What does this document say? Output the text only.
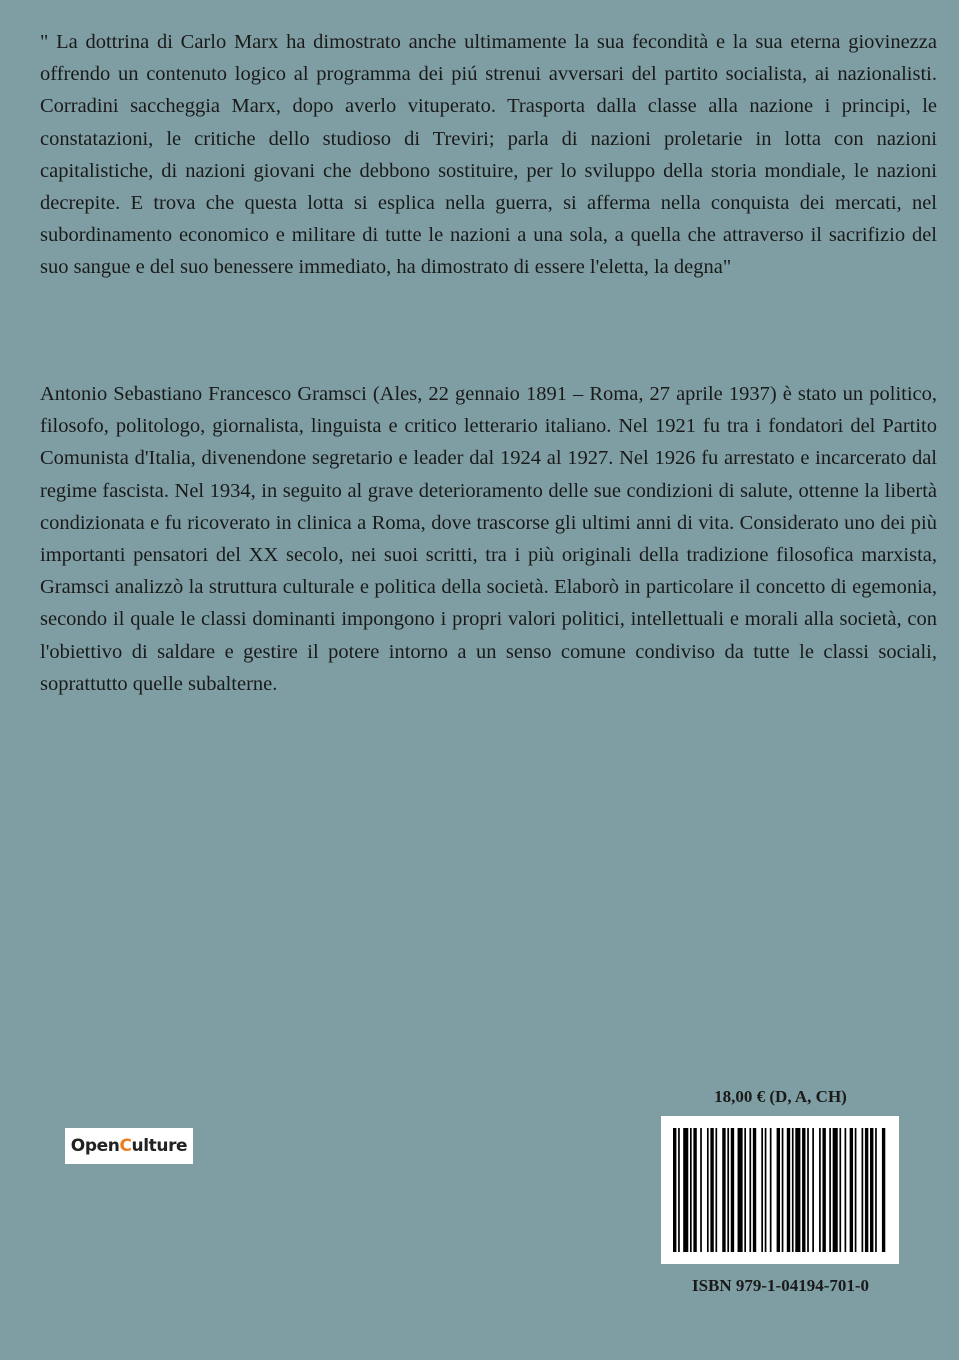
" La dottrina di Carlo Marx ha dimostrato anche ultimamente la sua fecondità e la sua eterna giovinezza offrendo un contenuto logico al programma dei piú strenui avversari del partito socialista, ai nazionalisti. Corradini saccheggia Marx, dopo averlo vituperato. Trasporta dalla classe alla nazione i principi, le constatazioni, le critiche dello studioso di Treviri; parla di nazioni proletarie in lotta con nazioni capitalistiche, di nazioni giovani che debbono sostituire, per lo sviluppo della storia mondiale, le nazioni decrepite. E trova che questa lotta si esplica nella guerra, si afferma nella conquista dei mercati, nel subordinamento economico e militare di tutte le nazioni a una sola, a quella che attraverso il sacrifizio del suo sangue e del suo benessere immediato, ha dimostrato di essere l'eletta, la degna"

Antonio Sebastiano Francesco Gramsci (Ales, 22 gennaio 1891 – Roma, 27 aprile 1937) è stato un politico, filosofo, politologo, giornalista, linguista e critico letterario italiano. Nel 1921 fu tra i fondatori del Partito Comunista d'Italia, divenendone segretario e leader dal 1924 al 1927. Nel 1926 fu arrestato e incarcerato dal regime fascista. Nel 1934, in seguito al grave deterioramento delle sue condizioni di salute, ottenne la libertà condizionata e fu ricoverato in clinica a Roma, dove trascorse gli ultimi anni di vita. Considerato uno dei più importanti pensatori del XX secolo, nei suoi scritti, tra i più originali della tradizione filosofica marxista, Gramsci analizzò la struttura culturale e politica della società. Elaborò in particolare il concetto di egemonia, secondo il quale le classi dominanti impongono i propri valori politici, intellettuali e morali alla società, con l'obiettivo di saldare e gestire il potere intorno a un senso comune condiviso da tutte le classi sociali, soprattutto quelle subalterne.

Open C ulture
18,00 € (D, A, CH)
ISBN 979-1-04194-701-0
